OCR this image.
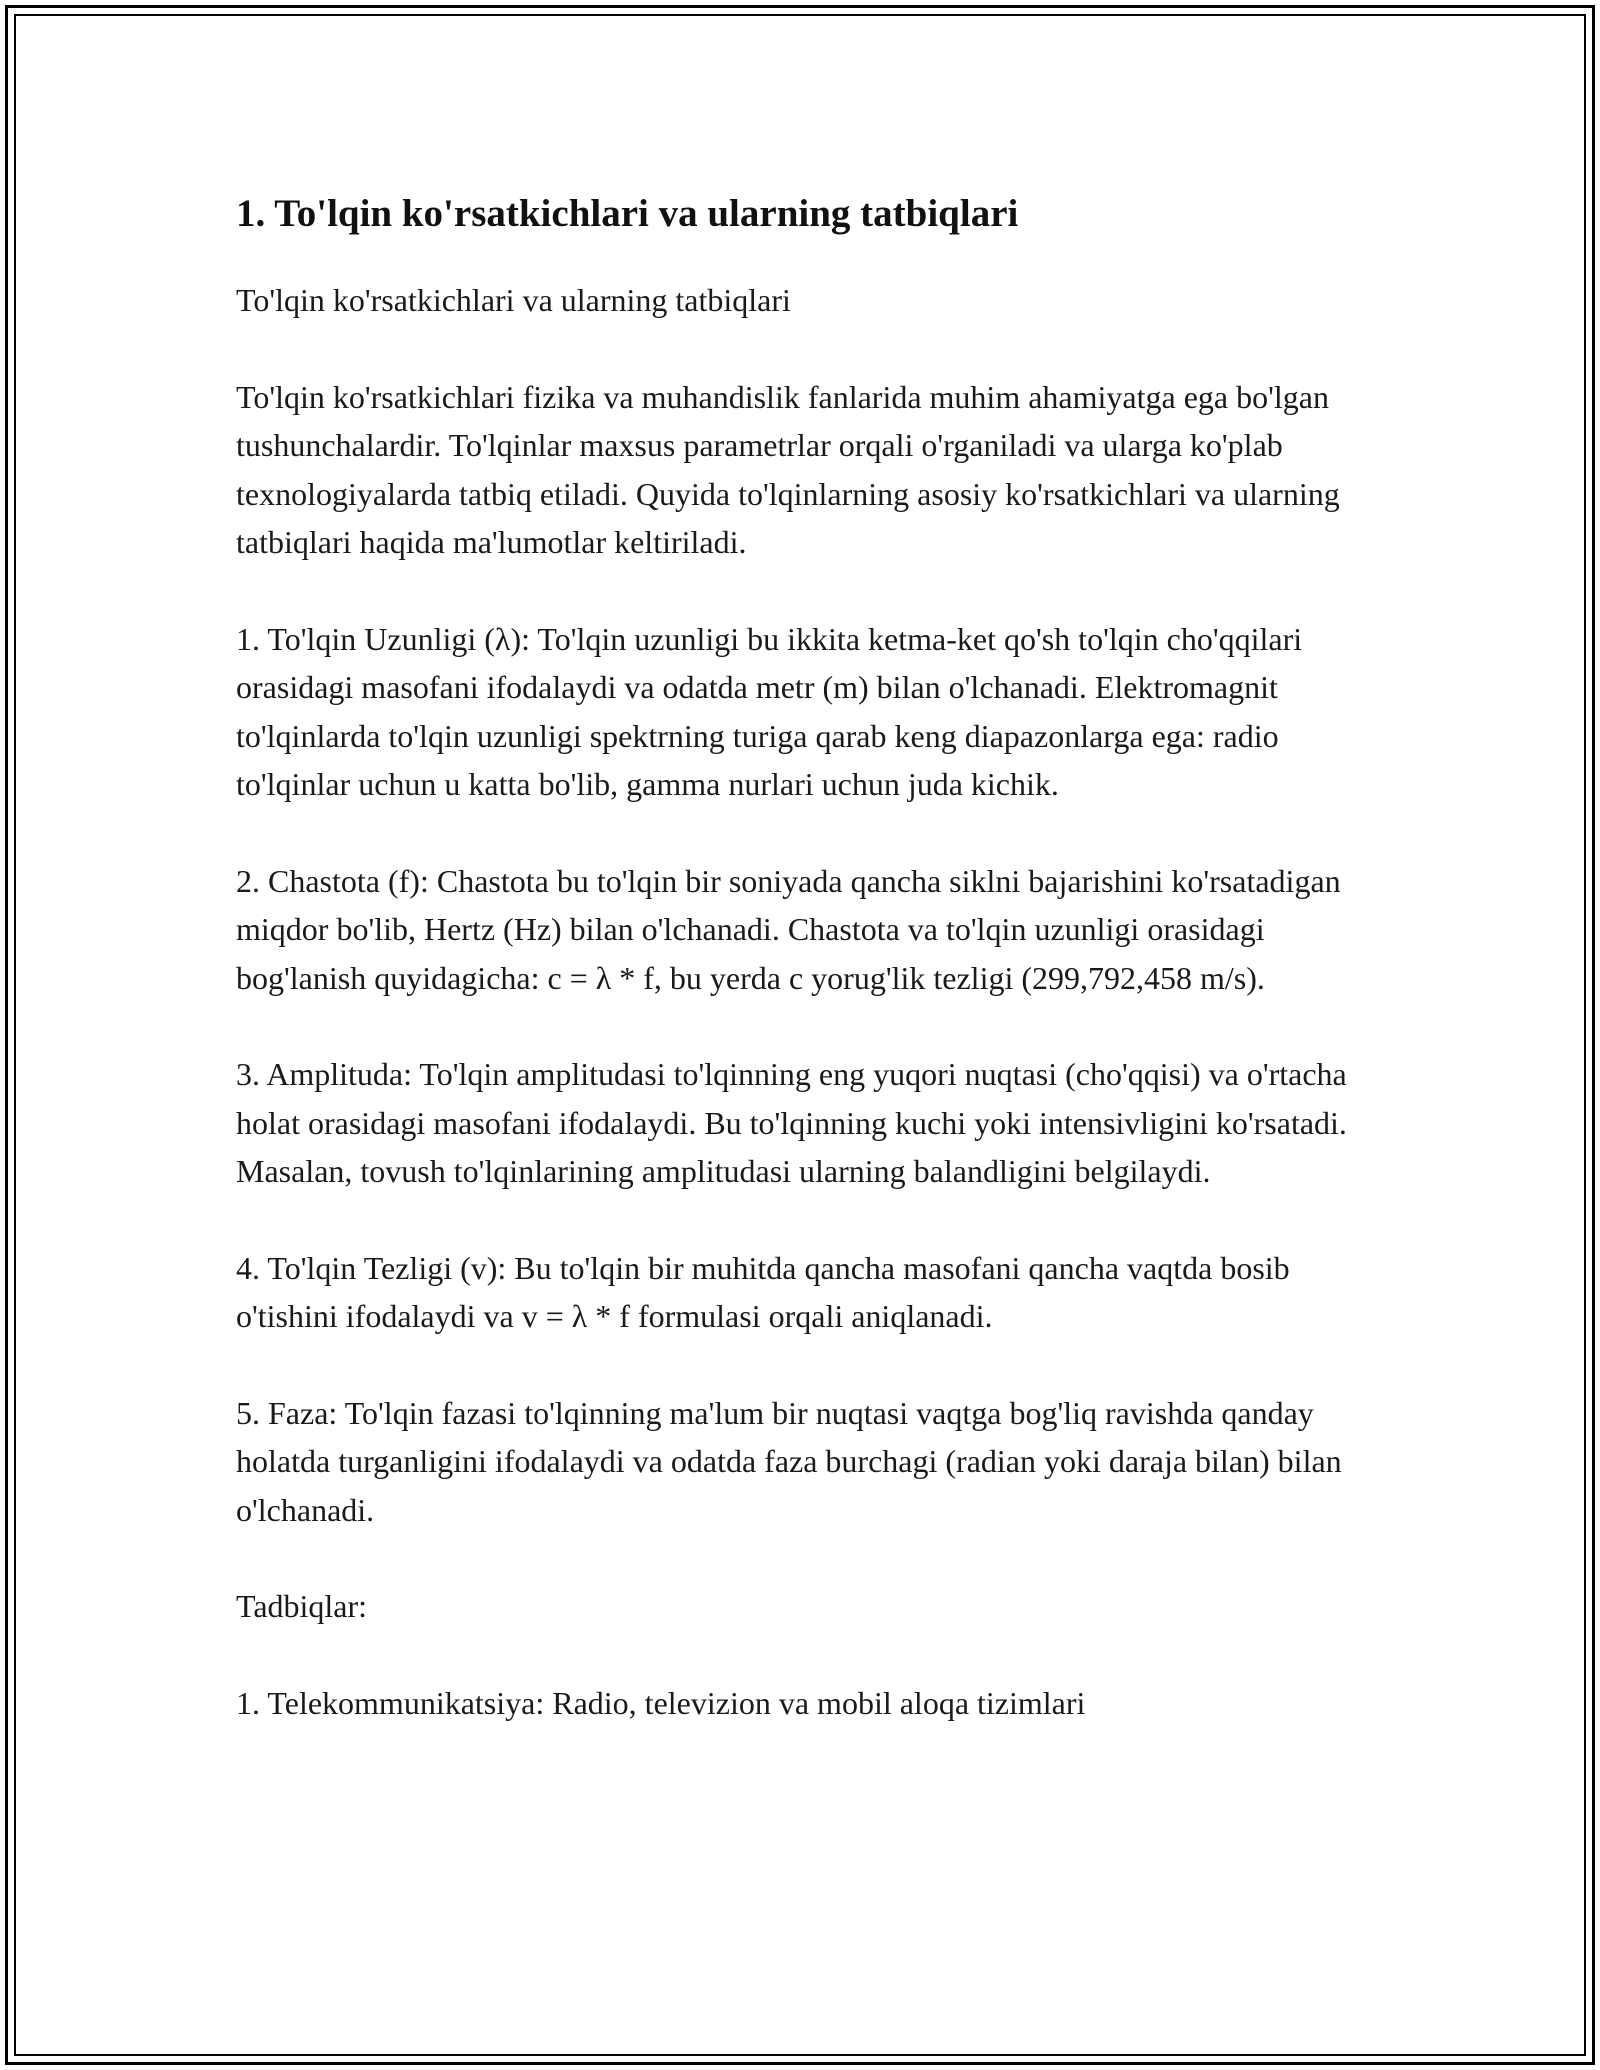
1. To'lqin ko'rsatkichlari va ularning tatbiqlari

To'lqin ko'rsatkichlari va ularning tatbiqlari

To'lqin ko'rsatkichlari fizika va muhandislik fanlarida muhim ahamiyatga ega bo'lgan tushunchalardir. To'lqinlar maxsus parametrlar orqali o'rganiladi va ularga ko'plab texnologiyalarda tatbiq etiladi. Quyida to'lqinlarning asosiy ko'rsatkichlari va ularning tatbiqlari haqida ma'lumotlar keltiriladi.

1. To'lqin Uzunligi (λ): To'lqin uzunligi bu ikkita ketma-ket qo'sh to'lqin cho'qqilari orasidagi masofani ifodalaydi va odatda metr (m) bilan o'lchanadi. Elektromagnit to'lqinlarda to'lqin uzunligi spektrning turiga qarab keng diapazonlarga ega: radio to'lqinlar uchun u katta bo'lib, gamma nurlari uchun juda kichik.

2. Chastota (f): Chastota bu to'lqin bir soniyada qancha siklni bajarishini ko'rsatadigan miqdor bo'lib, Hertz (Hz) bilan o'lchanadi. Chastota va to'lqin uzunligi orasidagi bog'lanish quyidagicha: c = λ * f, bu yerda c yorug'lik tezligi (299,792,458 m/s).

3. Amplituda: To'lqin amplitudasi to'lqinning eng yuqori nuqtasi (cho'qqisi) va o'rtacha holat orasidagi masofani ifodalaydi. Bu to'lqinning kuchi yoki intensivligini ko'rsatadi. Masalan, tovush to'lqinlarining amplitudasi ularning balandligini belgilaydi.

4. To'lqin Tezligi (v): Bu to'lqin bir muhitda qancha masofani qancha vaqtda bosib o'tishini ifodalaydi va v = λ * f formulasi orqali aniqlanadi.

5. Faza: To'lqin fazasi to'lqinning ma'lum bir nuqtasi vaqtga bog'liq ravishda qanday holatda turganligini ifodalaydi va odatda faza burchagi (radian yoki daraja bilan) bilan o'lchanadi.

Tadbiqlar:

1. Telekommunikatsiya: Radio, televizion va mobil aloqa tizimlari
